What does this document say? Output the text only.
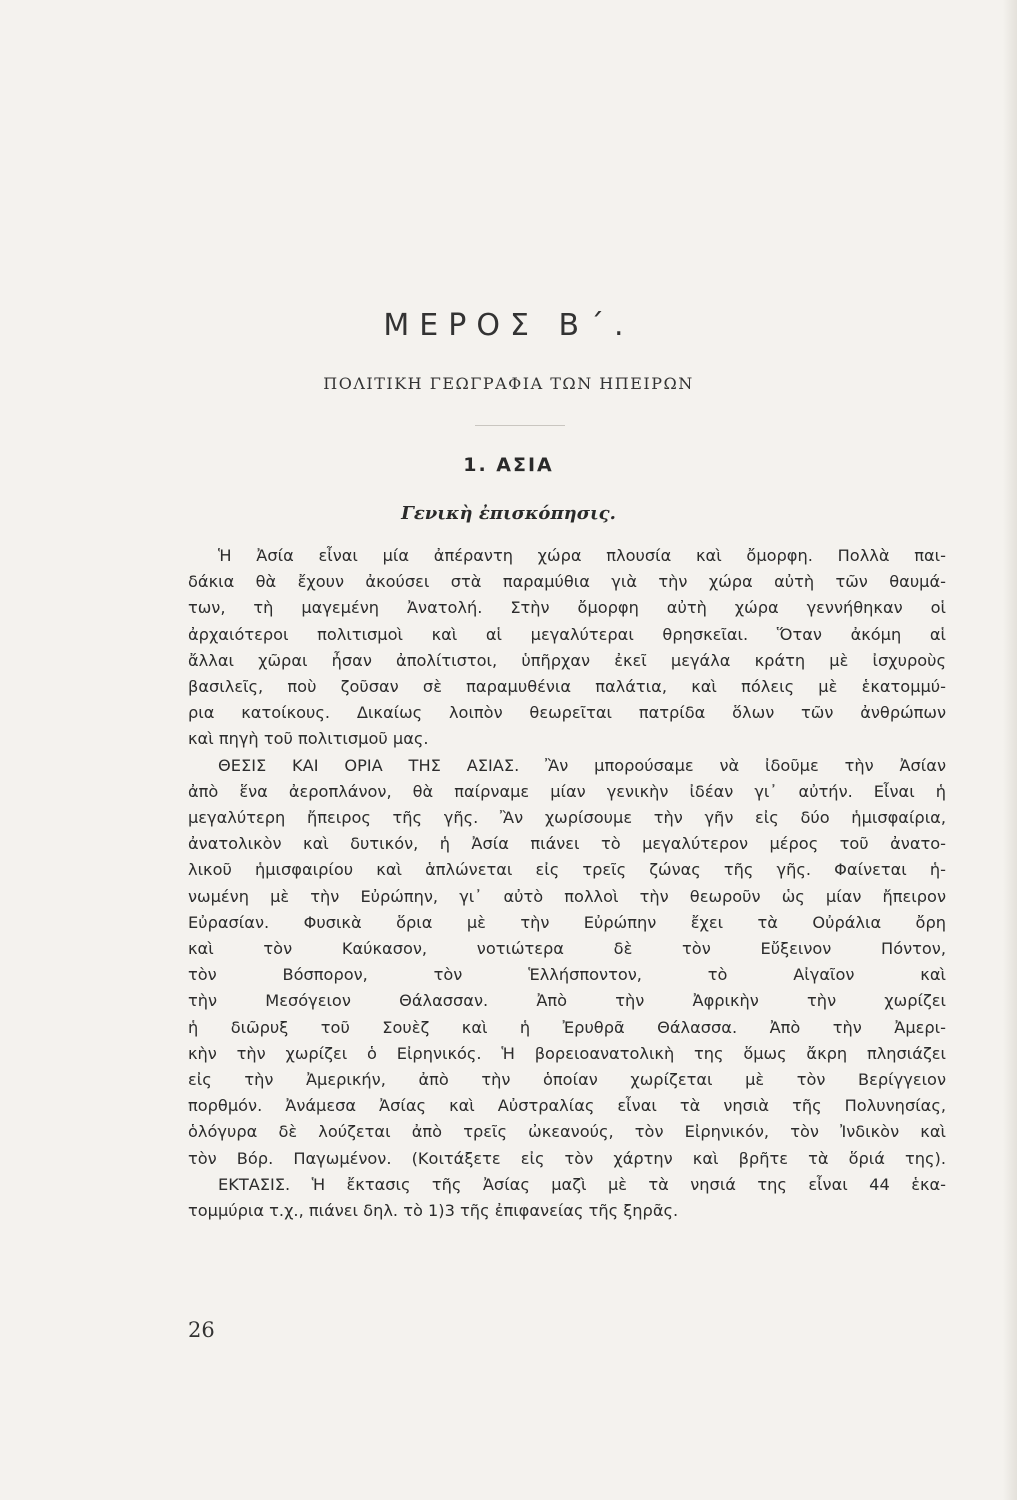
ΜΕΡΟΣ Β΄.
ΠΟΛΙΤΙΚΗ ΓΕΩΓΡΑΦΙΑ ΤΩΝ ΗΠΕΙΡΩΝ
1. ΑΣΙΑ
Γενικὴ ἐπισκόπησις.
Ἡ Ἀσία εἶναι μία ἀπέραντη χώρα πλουσία καὶ ὄμορφη. Πολλὰ παι-
δάκια θὰ ἔχουν ἀκούσει στὰ παραμύθια γιὰ τὴν χώρα αὐτὴ τῶν θαυμά-
των, τὴ μαγεμένη Ἀνατολή. Στὴν ὄμορφη αὐτὴ χώρα γεννήθηκαν οἱ
ἀρχαιότεροι πολιτισμοὶ καὶ αἱ μεγαλύτεραι θρησκεῖαι. Ὅταν ἀκόμη αἱ
ἄλλαι χῶραι ἦσαν ἀπολίτιστοι, ὑπῆρχαν ἐκεῖ μεγάλα κράτη μὲ ἰσχυροὺς
βασιλεῖς, ποὺ ζοῦσαν σὲ παραμυθένια παλάτια, καὶ πόλεις μὲ ἑκατομμύ-
ρια κατοίκους. Δικαίως λοιπὸν θεωρεῖται πατρίδα ὅλων τῶν ἀνθρώπων
καὶ πηγὴ τοῦ πολιτισμοῦ μας.
ΘΕΣΙΣ ΚΑΙ ΟΡΙΑ ΤΗΣ ΑΣΙΑΣ. Ἂν μπορούσαμε νὰ ἰδοῦμε τὴν Ἀσίαν
ἀπὸ ἕνα ἀεροπλάνον, θὰ παίρναμε μίαν γενικὴν ἰδέαν γι᾽ αὐτήν. Εἶναι ἡ
μεγαλύτερη ἤπειρος τῆς γῆς. Ἂν χωρίσουμε τὴν γῆν εἰς δύο ἡμισφαίρια,
ἀνατολικὸν καὶ δυτικόν, ἡ Ἀσία πιάνει τὸ μεγαλύτερον μέρος τοῦ ἀνατο-
λικοῦ ἡμισφαιρίου καὶ ἁπλώνεται εἰς τρεῖς ζώνας τῆς γῆς. Φαίνεται ἡ-
νωμένη μὲ τὴν Εὐρώπην, γι᾽ αὐτὸ πολλοὶ τὴν θεωροῦν ὡς μίαν ἤπειρον
Εὐρασίαν. Φυσικὰ ὅρια μὲ τὴν Εὐρώπην ἔχει τὰ Οὐράλια ὄρη
καὶ τὸν Καύκασον, νοτιώτερα δὲ τὸν Εὔξεινον Πόντον,
τὸν Βόσπορον, τὸν Ἑλλήσποντον, τὸ Αἰγαῖον καὶ
τὴν Μεσόγειον Θάλασσαν. Ἀπὸ τὴν Ἀφρικὴν τὴν χωρίζει
ἡ διῶρυξ τοῦ Σουὲζ καὶ ἡ Ἐρυθρᾶ Θάλασσα. Ἀπὸ τὴν Ἀμερι-
κὴν τὴν χωρίζει ὁ Εἰρηνικός. Ἡ βορειοανατολικὴ της ὅμως ἄκρη πλησιάζει
εἰς τὴν Ἀμερικήν, ἀπὸ τὴν ὁποίαν χωρίζεται μὲ τὸν Βερίγγειον
πορθμόν. Ἀνάμεσα Ἀσίας καὶ Αὐστραλίας εἶναι τὰ νησιὰ τῆς Πολυνησίας,
ὁλόγυρα δὲ λούζεται ἀπὸ τρεῖς ὠκεανούς, τὸν Εἰρηνικόν, τὸν Ἰνδικὸν καὶ
τὸν Βόρ. Παγωμένον. (Κοιτάξετε εἰς τὸν χάρτην καὶ βρῆτε τὰ ὅριά της).
ΕΚΤΑΣΙΣ. Ἡ ἔκτασις τῆς Ἀσίας μαζὶ μὲ τὰ νησιά της εἶναι 44 ἑκα-
τομμύρια τ.χ., πιάνει δηλ. τὸ 1)3 τῆς ἐπιφανείας τῆς ξηρᾶς.
26
